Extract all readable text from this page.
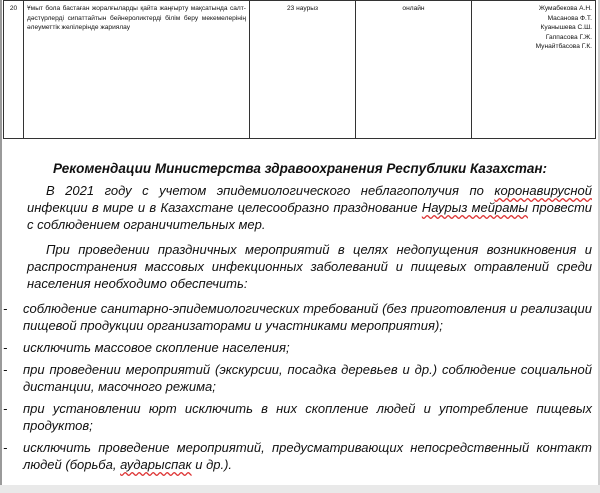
20	Ұмыт бола бастаған жоралғыларды қайта жаңғырту мақсатында салт-дәстүрлерді сипаттайтын бейнероликтерді білім беру мекемелерінің әлеуметтік желілерінде жариялау	23 наурыз	онлайн	Жумабекова А.Н.
Масанова Ф.Т.
Куанышева С.Ш.
Гаппасова Г.Ж.
Мунайтбасова Г.К.
Рекомендации Министерства здравоохранения Республики Казахстан:

В 2021 году с учетом эпидемиологического неблагополучия по коронавирусной инфекции в мире и в Казахстане целесообразно празднование Наурыз мейрамы провести с соблюдением ограничительных мер.

При проведении праздничных мероприятий в целях недопущения возникновения и распространения массовых инфекционных заболеваний и пищевых отравлений среди населения необходимо обеспечить:

-	соблюдение санитарно-эпидемиологических требований (без приготовления и реализации пищевой продукции организаторами и участниками мероприятия);
-	исключить массовое скопление населения;
-	при проведении мероприятий (экскурсии, посадка деревьев и др.) соблюдение социальной дистанции, масочного режима;
-	при установлении юрт исключить в них скопление людей и употребление пищевых продуктов;
-	исключить проведение мероприятий, предусматривающих непосредственный контакт людей (борьба, аударыспак и др.).
